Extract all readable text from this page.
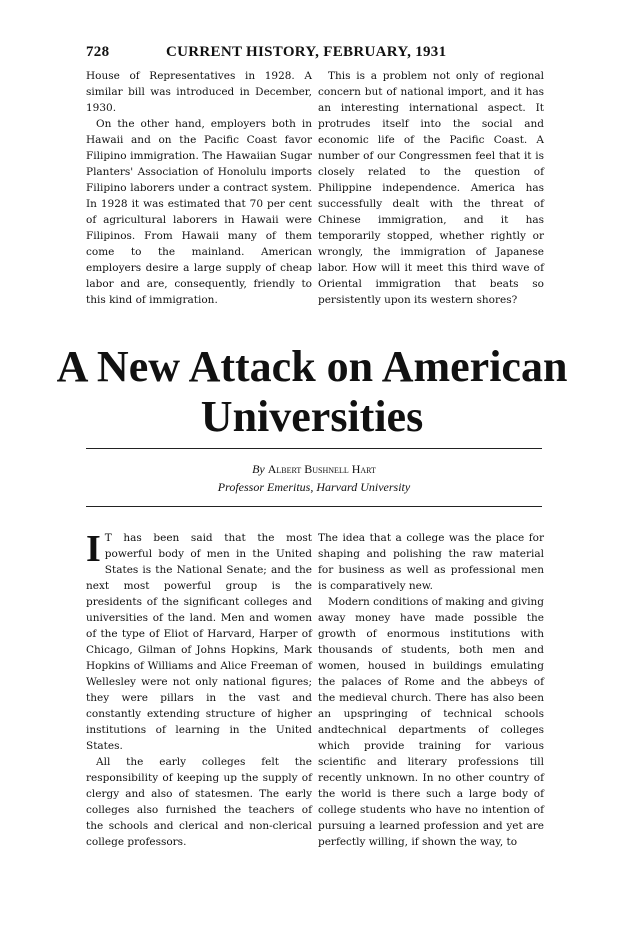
728	CURRENT HISTORY, FEBRUARY, 1931

House of Representatives in 1928. A similar bill was introduced in December, 1930.

On the other hand, employers both in Hawaii and on the Pacific Coast favor Filipino immigration. The Hawaiian Sugar Planters' Association of Honolulu imports Filipino laborers under a contract system. In 1928 it was estimated that 70 per cent of agricultural laborers in Hawaii were Filipinos. From Hawaii many of them come to the mainland. American employers desire a large supply of cheap labor and are, consequently, friendly to this kind of immigration.

This is a problem not only of regional concern but of national import, and it has an interesting international aspect. It protrudes itself into the social and economic life of the Pacific Coast. A number of our Congressmen feel that it is closely related to the question of Philippine independence. America has successfully dealt with the threat of Chinese immigration, and it has temporarily stopped, whether rightly or wrongly, the immigration of Japanese labor. How will it meet this third wave of Oriental immigration that beats so persistently upon its western shores?

A New Attack on American
Universities
By Albert Bushnell Hart
Professor Emeritus, Harvard University

I T has been said that the most powerful body of men in the United States is the National Senate; and the next most powerful group is the presidents of the significant colleges and universities of the land. Men and women of the type of Eliot of Harvard, Harper of Chicago, Gilman of Johns Hopkins, Mark Hopkins of Williams and Alice Freeman of Wellesley were not only national figures; they were pillars in the vast and constantly extending structure of higher institutions of learning in the United States.

All the early colleges felt the responsibility of keeping up the supply of clergy and also of statesmen. The early colleges also furnished the teachers of the schools and clerical and non-clerical college professors.

The idea that a college was the place for shaping and polishing the raw material for business as well as professional men is comparatively new.

Modern conditions of making and giving away money have made possible the growth of enormous institutions with thousands of students, both men and women, housed in buildings emulating the palaces of Rome and the abbeys of the medieval church. There has also been an upspringing of technical schools andtechnical departments of colleges which provide training for various scientific and literary professions till recently unknown. In no other country of the world is there such a large body of college students who have no intention of pursuing a learned profession and yet are perfectly willing, if shown the way, to
